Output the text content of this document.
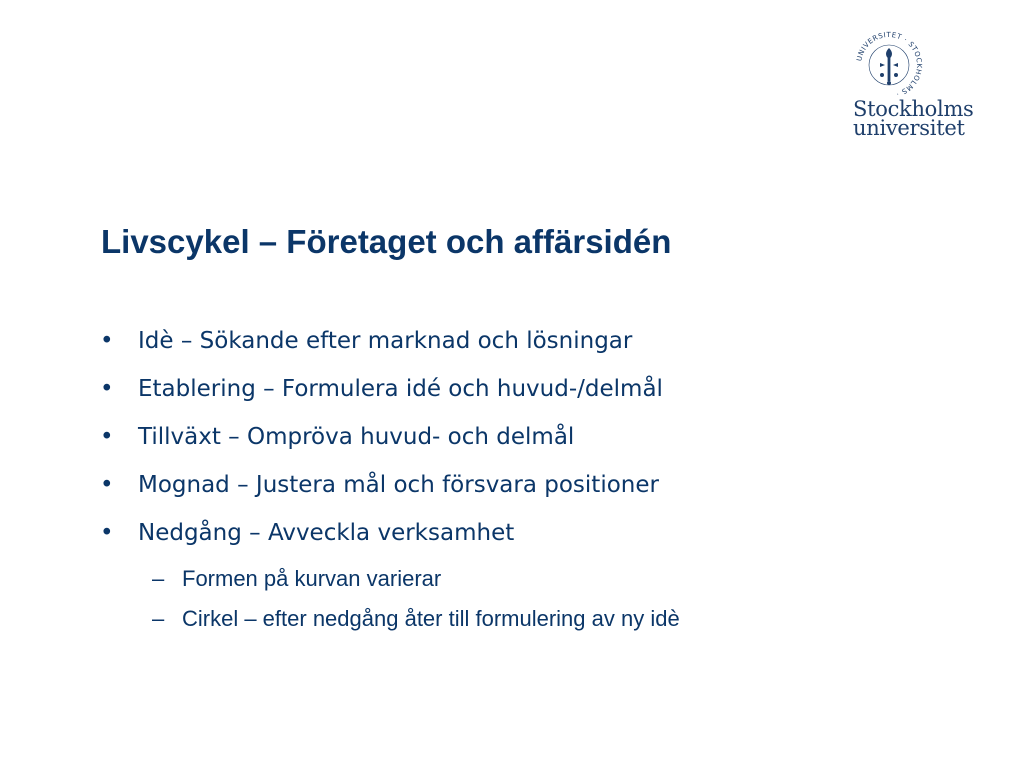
UNIVERSITET · STOCKHOLMS ·
Stockholms
universitet
Livscykel – Företaget och affärsidén
• Idè – Sökande efter marknad och lösningar
• Etablering – Formulera idé och huvud-/delmål
• Tillväxt – Ompröva huvud- och delmål
• Mognad – Justera mål och försvara positioner
• Nedgång – Avveckla verksamhet
– Formen på kurvan varierar
– Cirkel – efter nedgång åter till formulering av ny idè
